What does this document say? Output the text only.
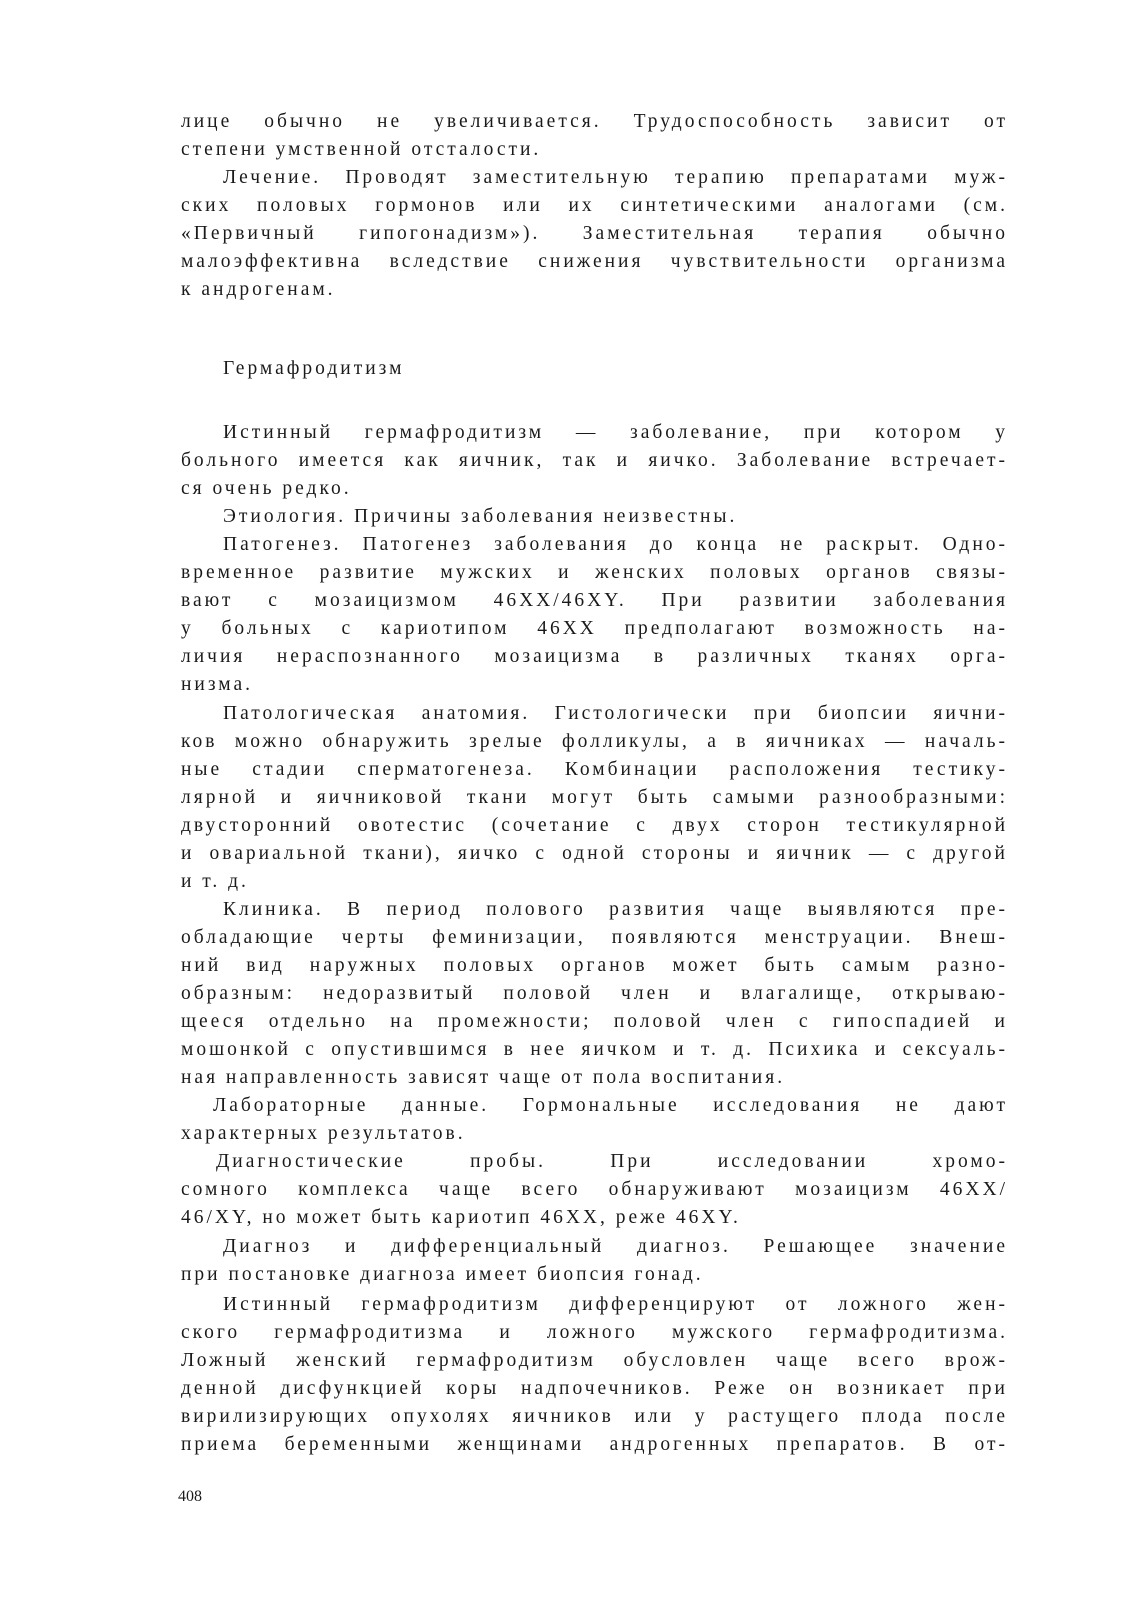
лице обычно не увеличивается. Трудоспособность зависит от
степени умственной отсталости.
Лечение. Проводят заместительную терапию препаратами муж-
ских половых гормонов или их синтетическими аналогами (см.
«Первичный гипогонадизм»). Заместительная терапия обычно
малоэффективна вследствие снижения чувствительности организма
к андрогенам.
Гермафродитизм
Истинный гермафродитизм — заболевание, при котором у
больного имеется как яичник, так и яичко. Заболевание встречает-
ся очень редко.
Этиология. Причины заболевания неизвестны.
Патогенез. Патогенез заболевания до конца не раскрыт. Одно-
временное развитие мужских и женских половых органов связы-
вают с мозаицизмом 46XX/46XY. При развитии заболевания
у больных с кариотипом 46XX предполагают возможность на-
личия нераспознанного мозаицизма в различных тканях орга-
низма.
Патологическая анатомия. Гистологически при биопсии яични-
ков можно обнаружить зрелые фолликулы, а в яичниках — началь-
ные стадии сперматогенеза. Комбинации расположения тестику-
лярной и яичниковой ткани могут быть самыми разнообразными:
двусторонний овотестис (сочетание с двух сторон тестикулярной
и овариальной ткани), яичко с одной стороны и яичник — с другой
и т. д.
Клиника. В период полового развития чаще выявляются пре-
обладающие черты феминизации, появляются менструации. Внеш-
ний вид наружных половых органов может быть самым разно-
образным: недоразвитый половой член и влагалище, открываю-
щееся отдельно на промежности; половой член с гипоспадией и
мошонкой с опустившимся в нее яичком и т. д. Психика и сексуаль-
ная направленность зависят чаще от пола воспитания.
Лабораторные данные. Гормональные исследования не дают
характерных результатов.
Диагностические пробы. При исследовании хромо-
сомного комплекса чаще всего обнаруживают мозаицизм 46XX/
46/XY, но может быть кариотип 46XX, реже 46XY.
Диагноз и дифференциальный диагноз. Решающее значение
при постановке диагноза имеет биопсия гонад.
Истинный гермафродитизм дифференцируют от ложного жен-
ского гермафродитизма и ложного мужского гермафродитизма.
Ложный женский гермафродитизм обусловлен чаще всего врож-
денной дисфункцией коры надпочечников. Реже он возникает при
вирилизирующих опухолях яичников или у растущего плода после
приема беременными женщинами андрогенных препаратов. В от-
408
